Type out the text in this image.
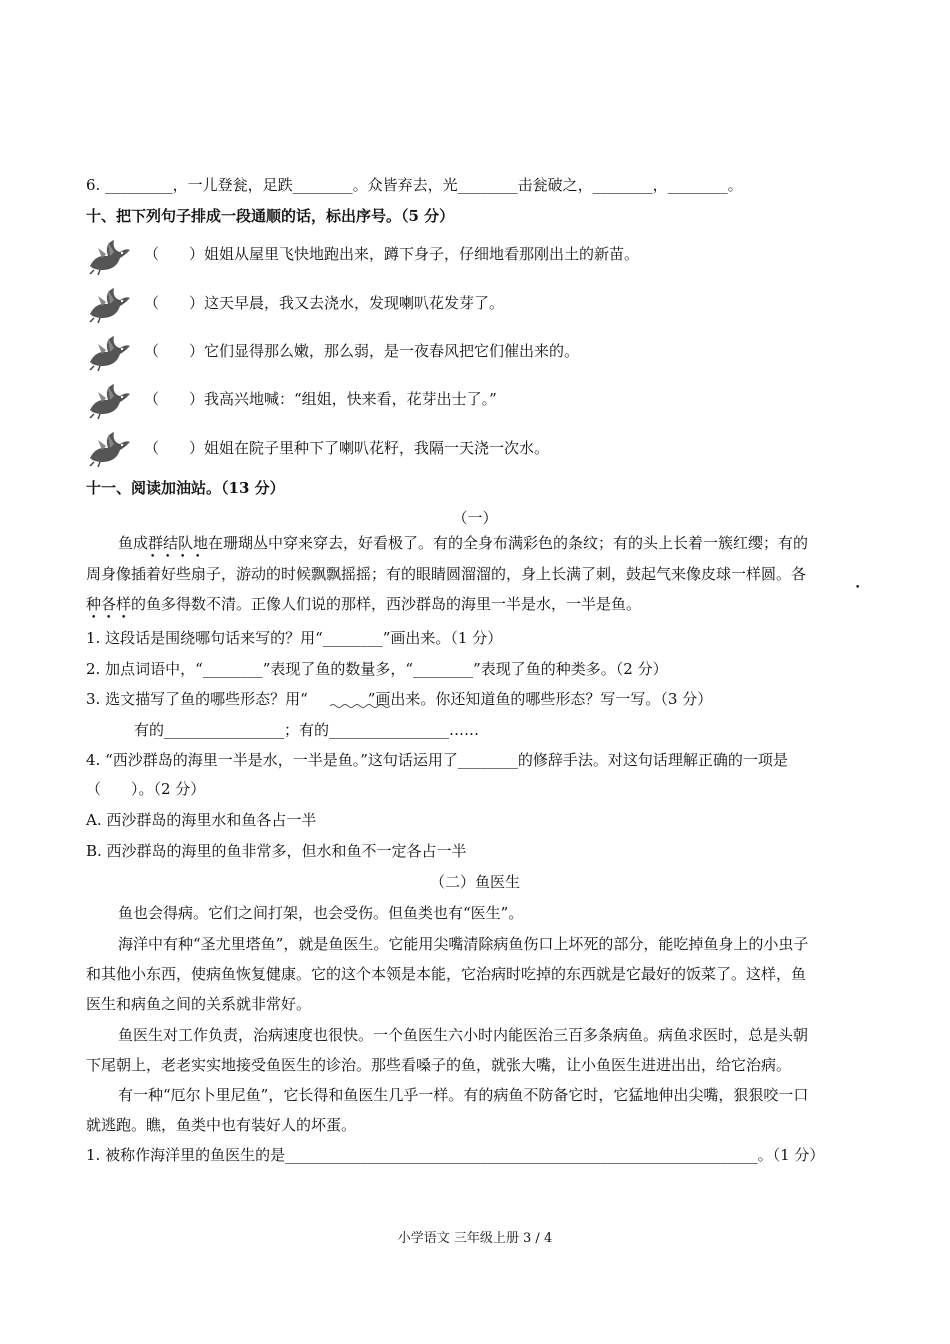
6. _________，一儿登瓮，足跌________。众皆弃去，光________击瓮破之，________，________。
十、把下列句子排成一段通顺的话，标出序号。（5 分）
（　　）姐姐从屋里飞快地跑出来，蹲下身子，仔细地看那刚出土的新苗。
（　　）这天早晨，我又去浇水，发现喇叭花发芽了。
（　　）它们显得那么嫩，那么弱，是一夜春风把它们催出来的。
（　　）我高兴地喊：“组姐，快来看，花芽出士了。”
（　　）姐姐在院子里种下了喇叭花籽，我隔一天浇一次水。
十一、阅读加油站。（13 分）
（一）
鱼成群结队地在珊瑚丛中穿来穿去，好看极了。有的全身布满彩色的条纹；有的头上长着一簇红缨；有的
周身像插着好些扇子，游动的时候飘飘摇摇；有的眼睛圆溜溜的，身上长满了刺，鼓起气来像皮球一样圆。各
种各样的鱼多得数不清。正像人们说的那样，西沙群岛的海里一半是水，一半是鱼。
• • • •
•
• • •
1. 这段话是围绕哪句话来写的？用“________”画出来。（1 分）
2. 加点词语中，“________”表现了鱼的数量多，“________”表现了鱼的种类多。（2 分）
3. 选文描写了鱼的哪些形态？用“　　　　”画出来。你还知道鱼的哪些形态？写一写。（3 分）
有的________________；有的________________……
4. “西沙群岛的海里一半是水，一半是鱼。”这句话运用了________的修辞手法。对这句话理解正确的一项是
（　　）。（2 分）
A. 西沙群岛的海里水和鱼各占一半
B. 西沙群岛的海里的鱼非常多，但水和鱼不一定各占一半
（二）鱼医生
鱼也会得病。它们之间打架，也会受伤。但鱼类也有“医生”。
海洋中有种“圣尤里塔鱼”，就是鱼医生。它能用尖嘴清除病鱼伤口上坏死的部分，能吃掉鱼身上的小虫子
和其他小东西，使病鱼恢复健康。它的这个本领是本能，它治病时吃掉的东西就是它最好的饭菜了。这样，鱼
医生和病鱼之间的关系就非常好。
鱼医生对工作负责，治病速度也很快。一个鱼医生六小时内能医治三百多条病鱼。病鱼求医时，总是头朝
下尾朝上，老老实实地接受鱼医生的诊治。那些看嗓子的鱼，就张大嘴，让小鱼医生进进出出，给它治病。
有一种“厄尔卜里尼鱼”，它长得和鱼医生几乎一样。有的病鱼不防备它时，它猛地伸出尖嘴，狠狠咬一口
就逃跑。瞧，鱼类中也有装好人的坏蛋。
1. 被称作海洋里的鱼医生的是_______________________________________________________________。（1 分）
小学语文 三年级上册 3 / 4
